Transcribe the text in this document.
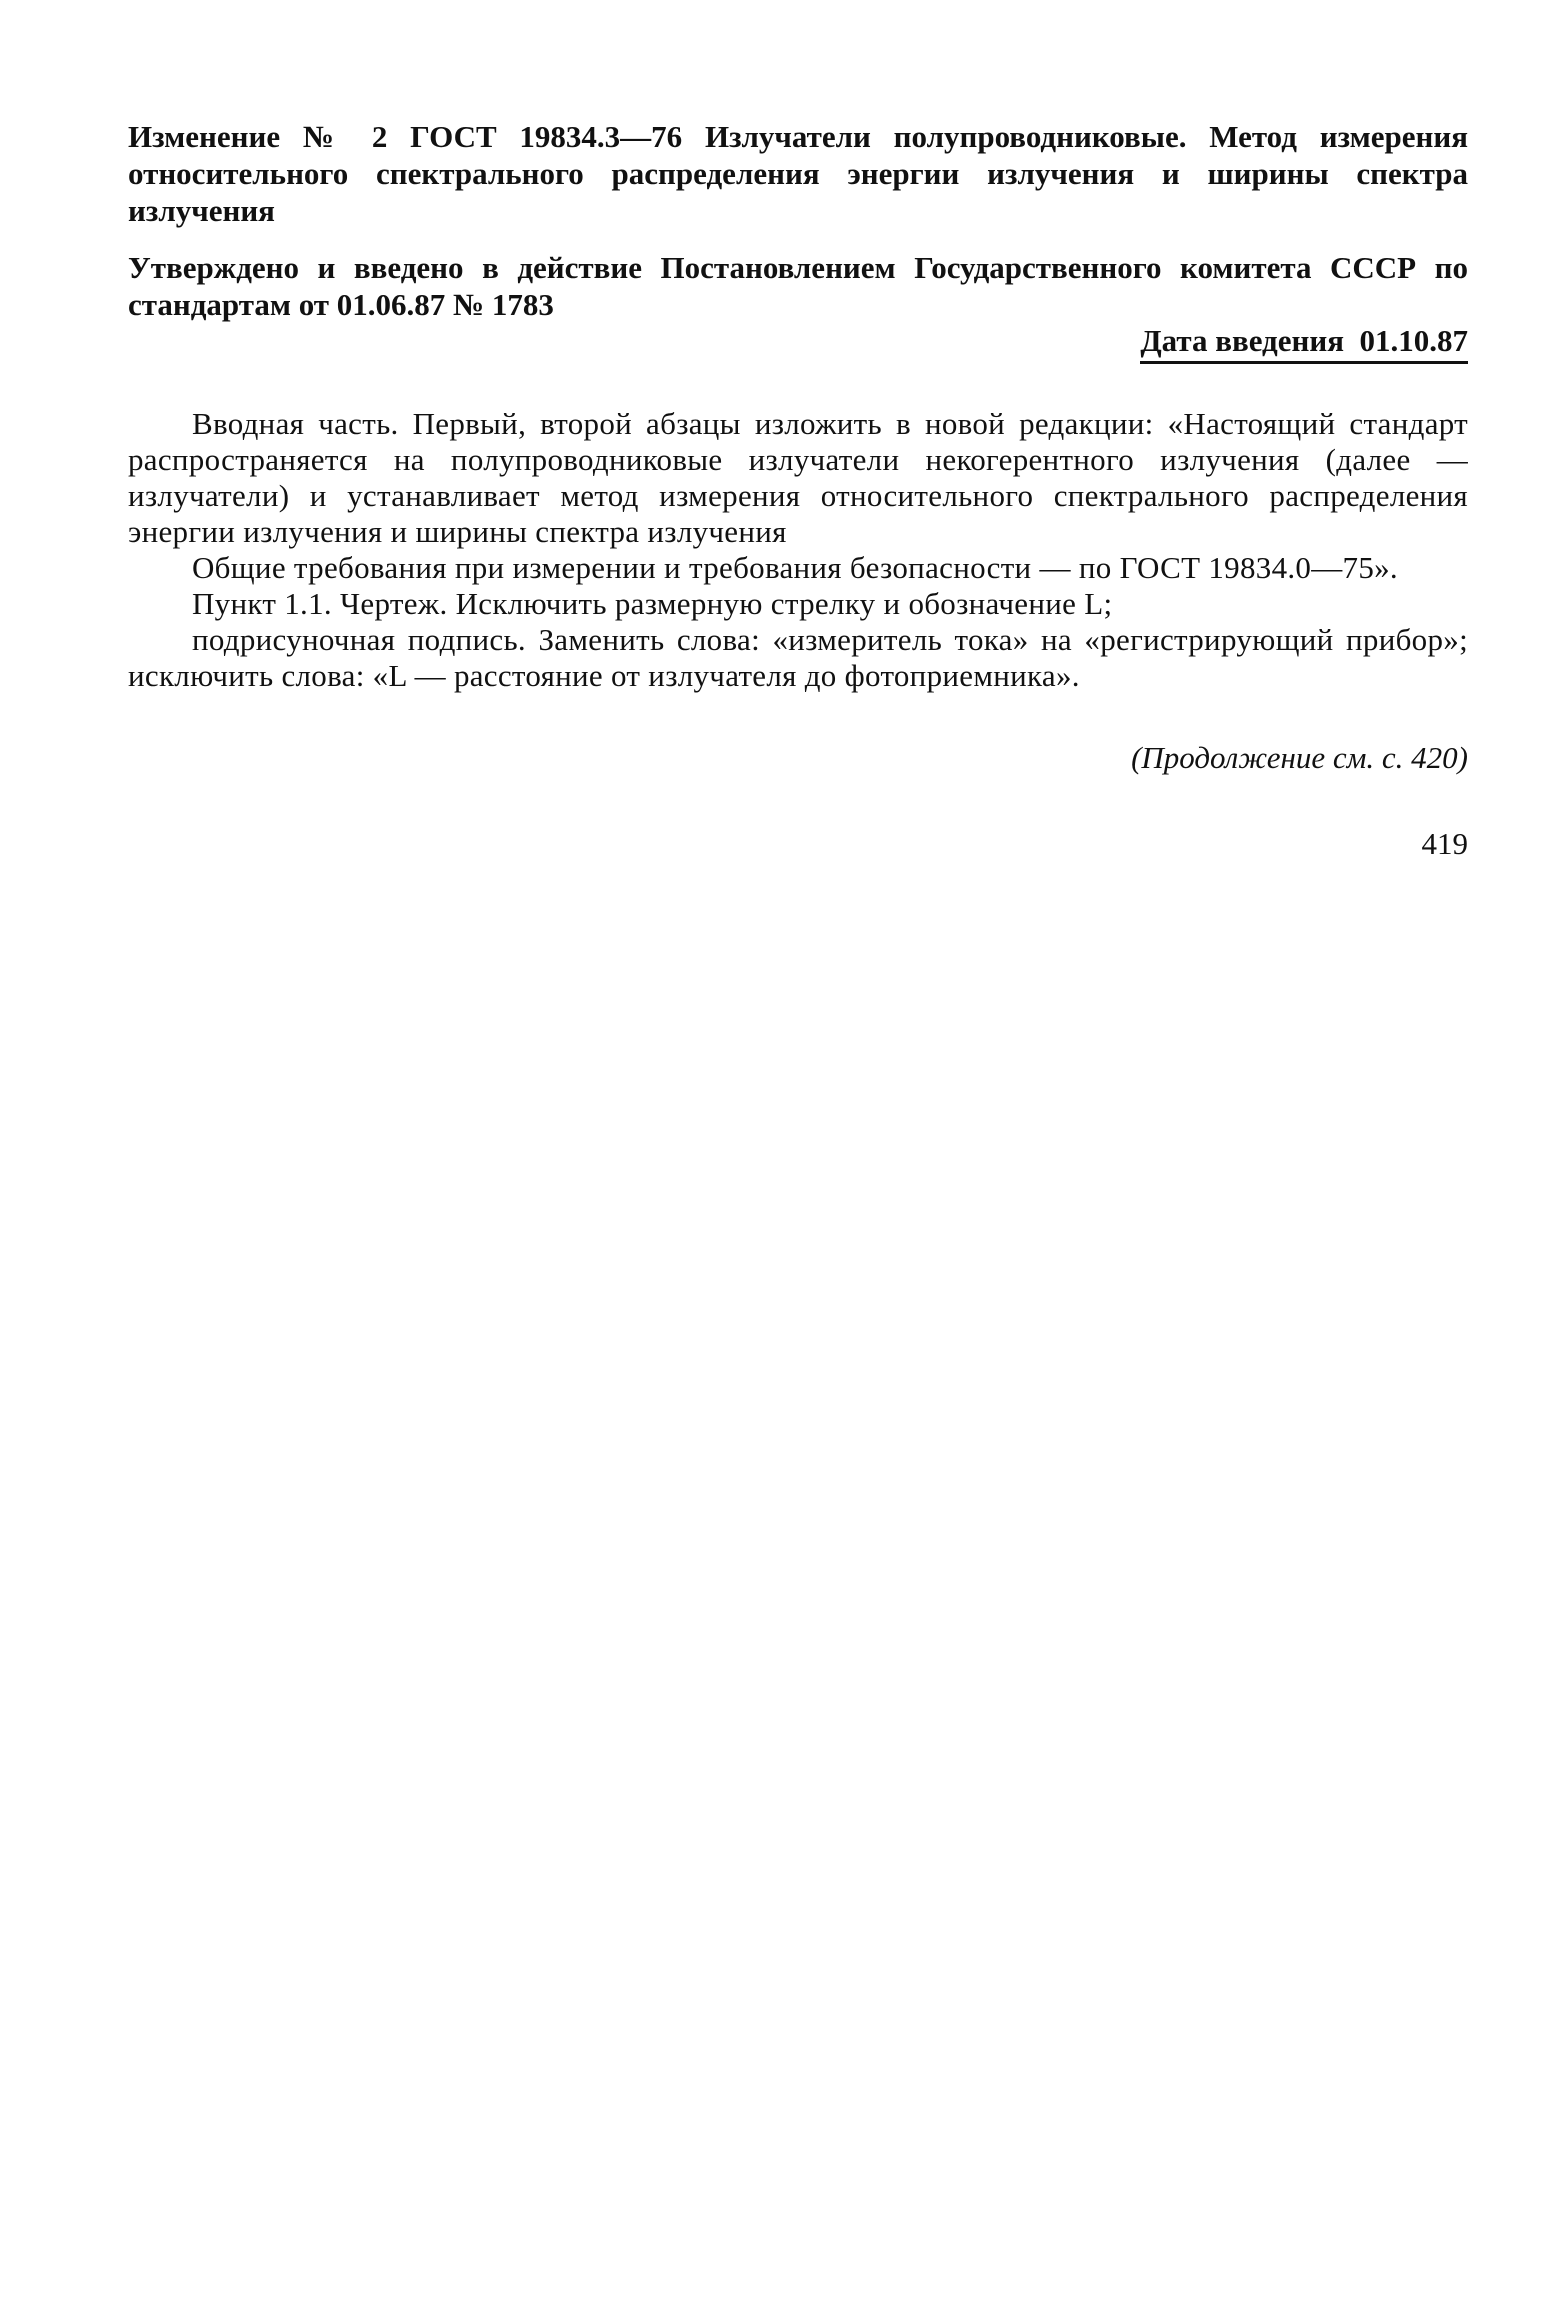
Изменение № 2 ГОСТ 19834.3—76 Излучатели полупроводниковые. Метод измерения относительного спектрального распределения энергии излучения и ширины спектра излучения

Утверждено и введено в действие Постановлением Государственного комитета СССР по стандартам от 01.06.87 № 1783

Дата введения 01.10.87

Вводная часть. Первый, второй абзацы изложить в новой редакции: «Настоящий стандарт распространяется на полупроводниковые излучатели некогерентного излучения (далее — излучатели) и устанавливает метод измерения относительного спектрального распределения энергии излучения и ширины спектра излучения

Общие требования при измерении и требования безопасности — по ГОСТ 19834.0—75».

Пункт 1.1. Чертеж. Исключить размерную стрелку и обозначение L;

подрисуночная подпись. Заменить слова: «измеритель тока» на «регистрирующий прибор»; исключить слова: «L — расстояние от излучателя до фотоприемника».

(Продолжение см. с. 420)
419
